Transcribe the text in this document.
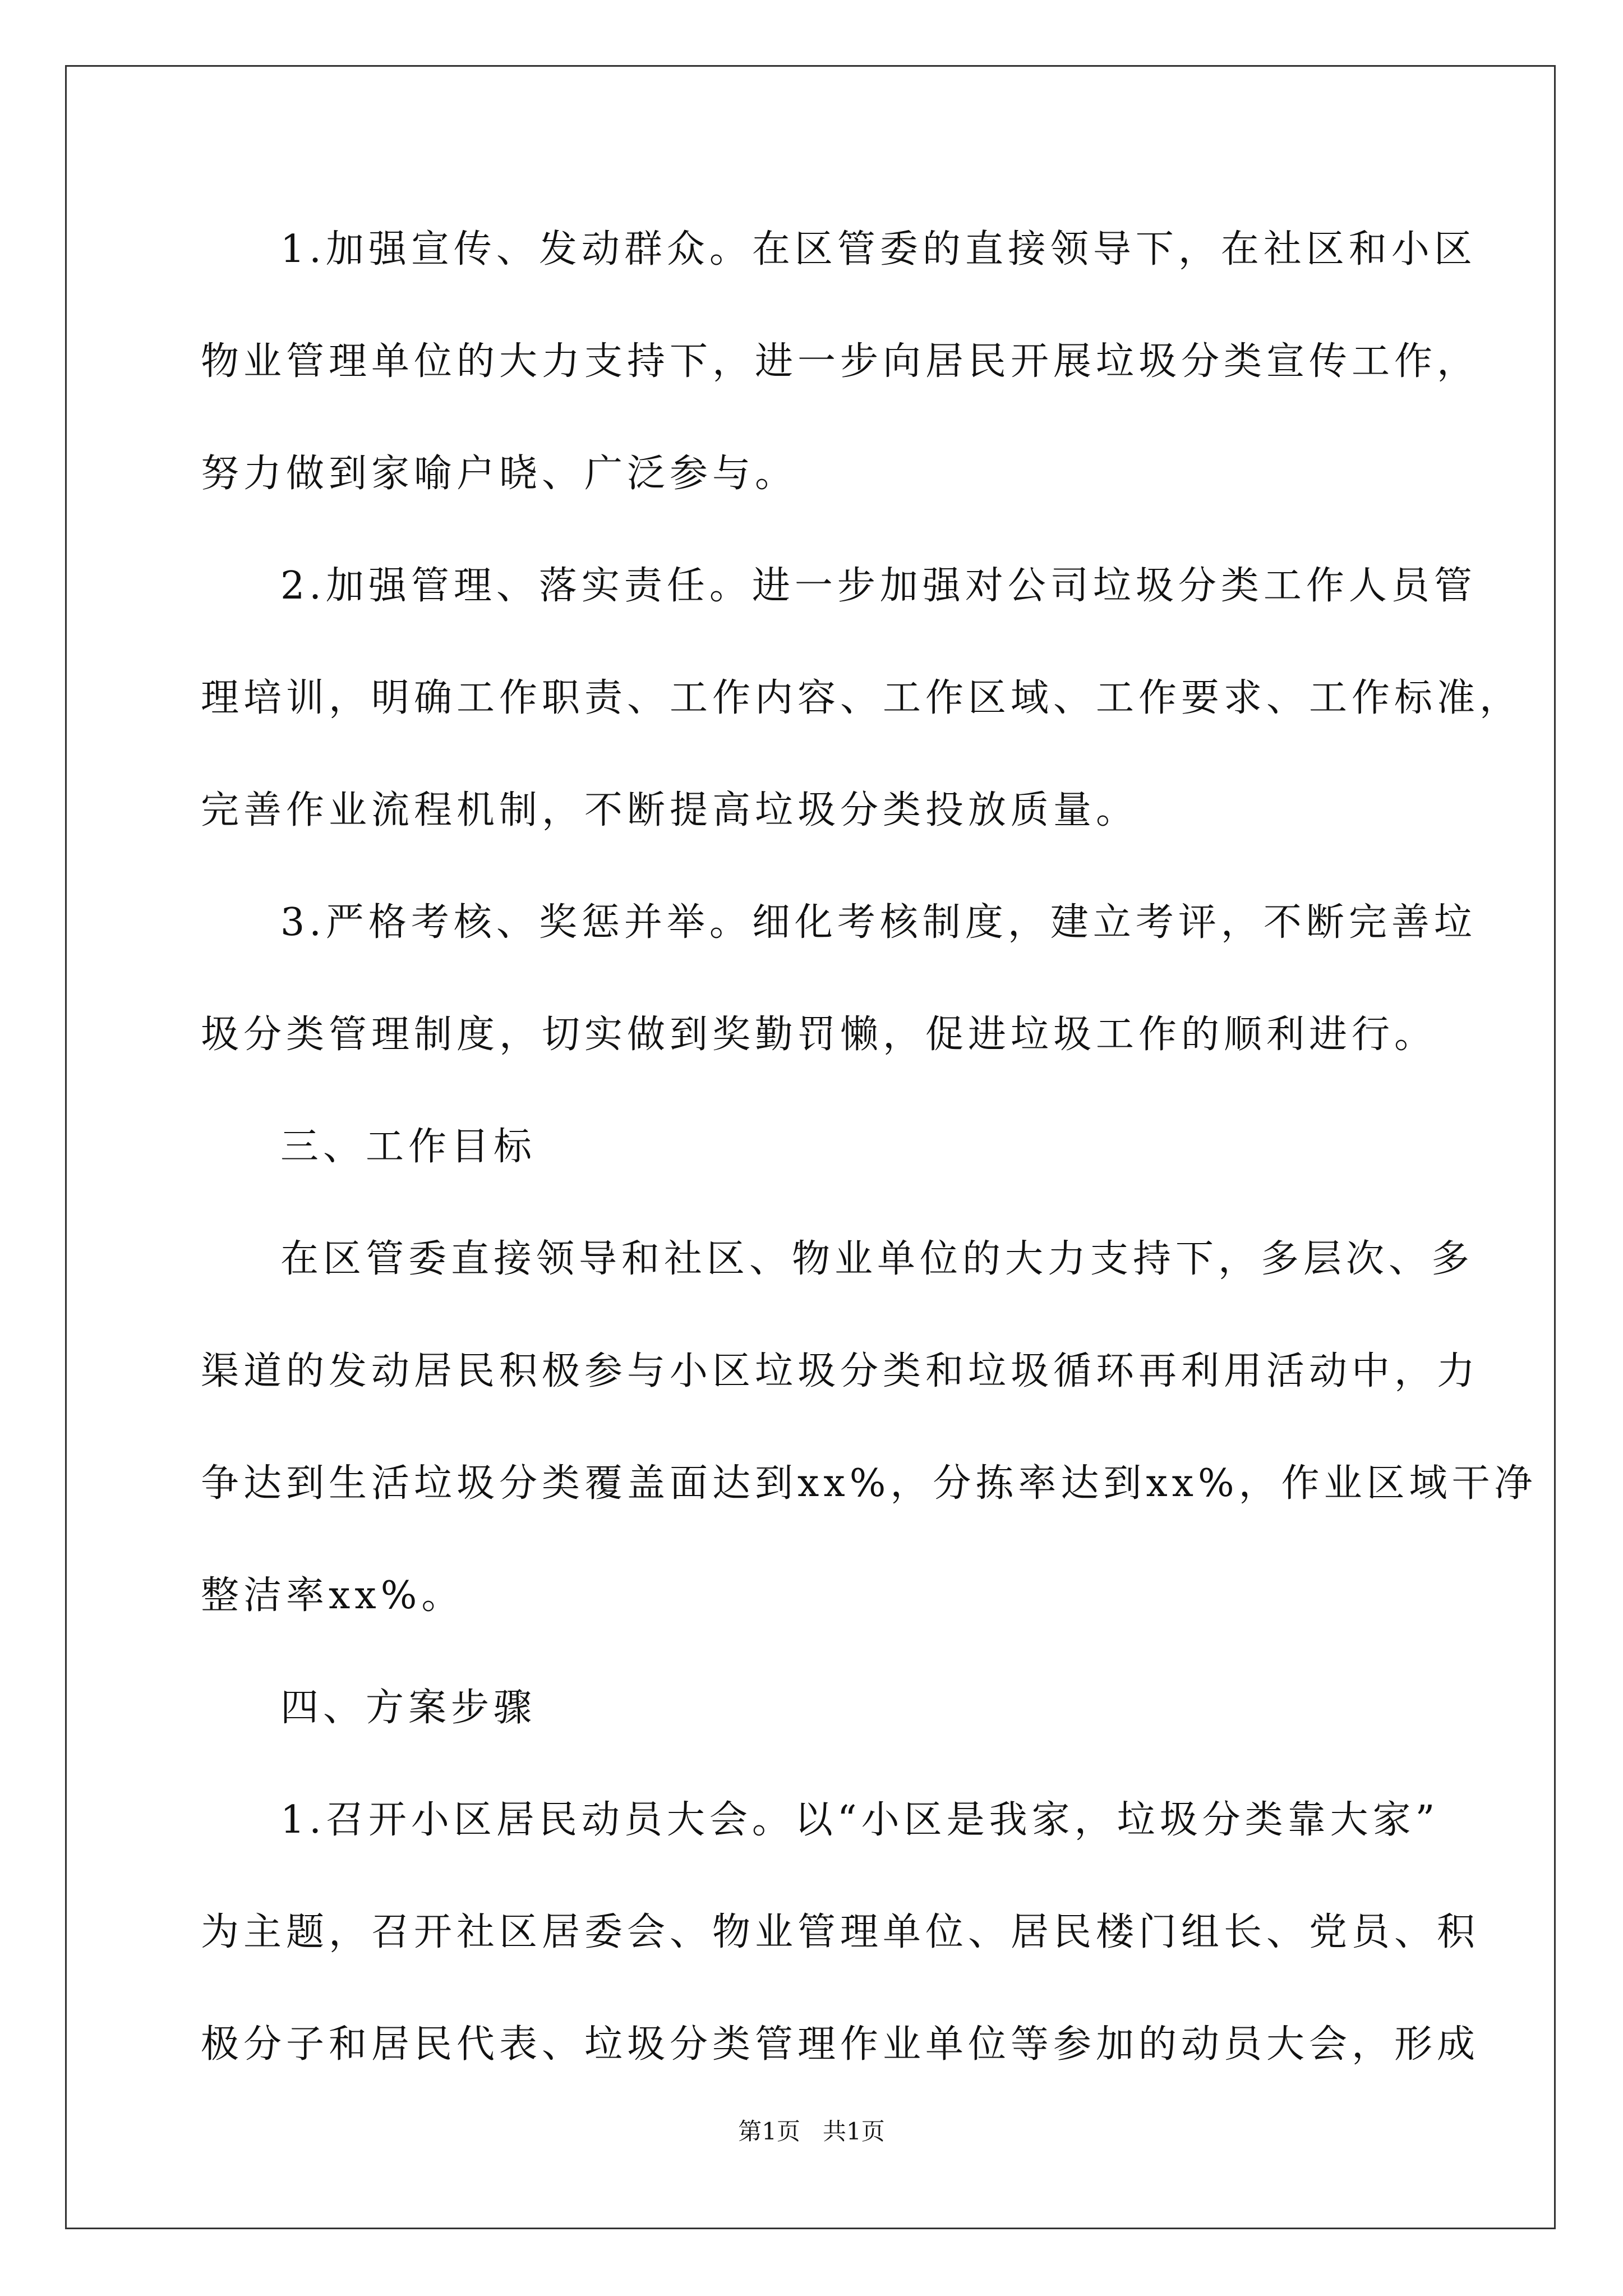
1.加强宣传、发动群众。在区管委的直接领导下，在社区和小区
物业管理单位的大力支持下，进一步向居民开展垃圾分类宣传工作，
努力做到家喻户晓、广泛参与。
2.加强管理、落实责任。进一步加强对公司垃圾分类工作人员管
理培训，明确工作职责、工作内容、工作区域、工作要求、工作标准，
完善作业流程机制，不断提高垃圾分类投放质量。
3.严格考核、奖惩并举。细化考核制度，建立考评，不断完善垃
圾分类管理制度，切实做到奖勤罚懒，促进垃圾工作的顺利进行。
三、工作目标
在区管委直接领导和社区、物业单位的大力支持下，多层次、多
渠道的发动居民积极参与小区垃圾分类和垃圾循环再利用活动中，力
争达到生活垃圾分类覆盖面达到xx%，分拣率达到xx%，作业区域干净
整洁率xx%。
四、方案步骤
1.召开小区居民动员大会。以“小区是我家，垃圾分类靠大家”
为主题，召开社区居委会、物业管理单位、居民楼门组长、党员、积
极分子和居民代表、垃圾分类管理作业单位等参加的动员大会，形成
第1页 共1页
